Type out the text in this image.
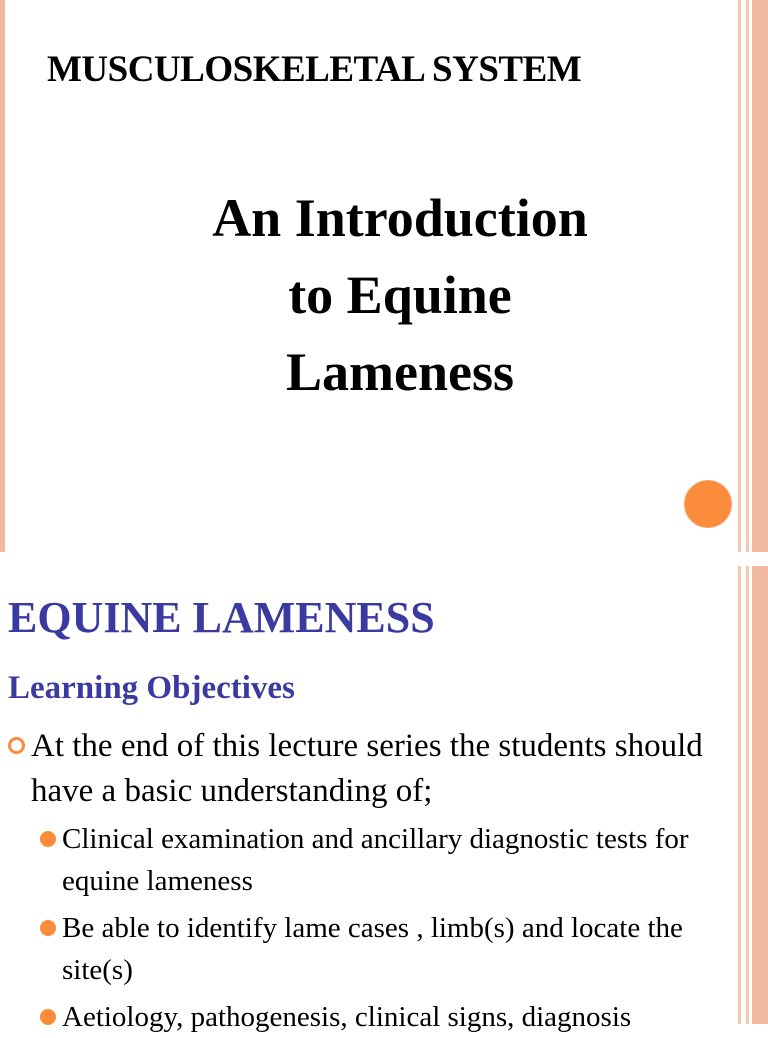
MUSCULOSKELETAL SYSTEM
An Introduction
to Equine
Lameness
EQUINE LAMENESS
Learning Objectives
At the end of this lecture series the students should have a basic understanding of;
Clinical examination and ancillary diagnostic tests for equine lameness
Be able to identify lame cases , limb(s) and locate the site(s)
Aetiology, pathogenesis, clinical signs, diagnosis
